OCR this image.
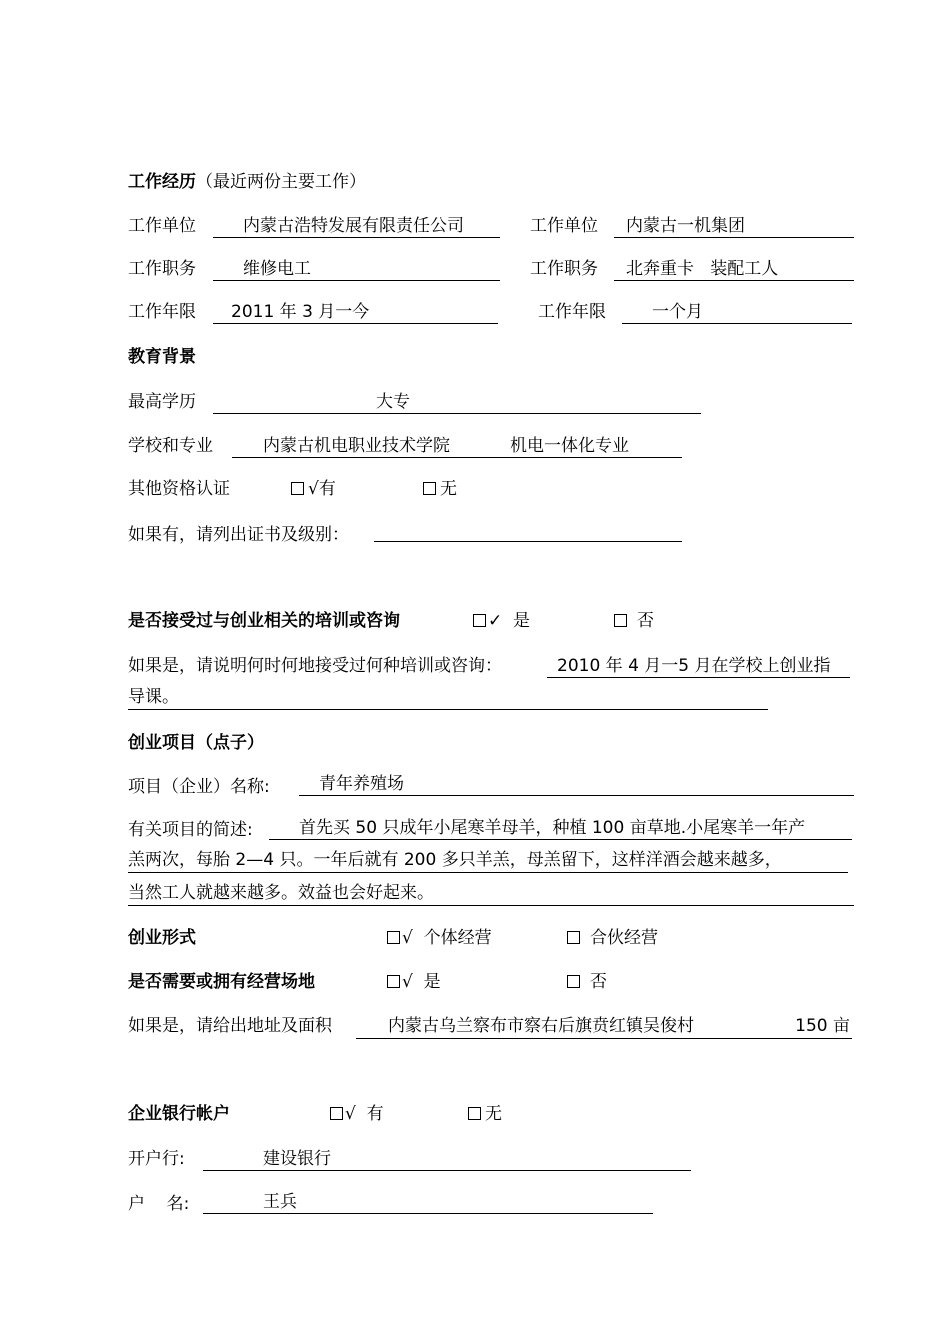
工作经历（最近两份主要工作）
工作单位	内蒙古浩特发展有限责任公司	工作单位	内蒙古一机集团
工作职务	维修电工	工作职务	北奔重卡   装配工人
工作年限	2011 年 3 月一今	工作年限	一个月
教育背景
最高学历	大专
学校和专业	内蒙古机电职业技术学院	机电一体化专业
其他资格认证	√有	无
如果有，请列出证书及级别：
是否接受过与创业相关的培训或咨询	✓  是	否
如果是，请说明何时何地接受过何种培训或咨询：	2010 年 4 月一5 月在学校上创业指
导课。
创业项目（点子）
项目（企业）名称:	青年养殖场
有关项目的简述:	首先买 50 只成年小尾寒羊母羊，种植 100 亩草地.小尾寒羊一年产
羔两次，每胎 2—4 只。一年后就有 200 多只羊羔，母羔留下，这样洋酒会越来越多，
当然工人就越来越多。效益也会好起来。
创业形式	√  个体经营	合伙经营
是否需要或拥有经营场地	√  是	否
如果是，请给出地址及面积	内蒙古乌兰察布市察右后旗贲红镇吴俊村	150 亩
企业银行帐户	√  有	无
开户行:	建设银行
户    名:	王兵
